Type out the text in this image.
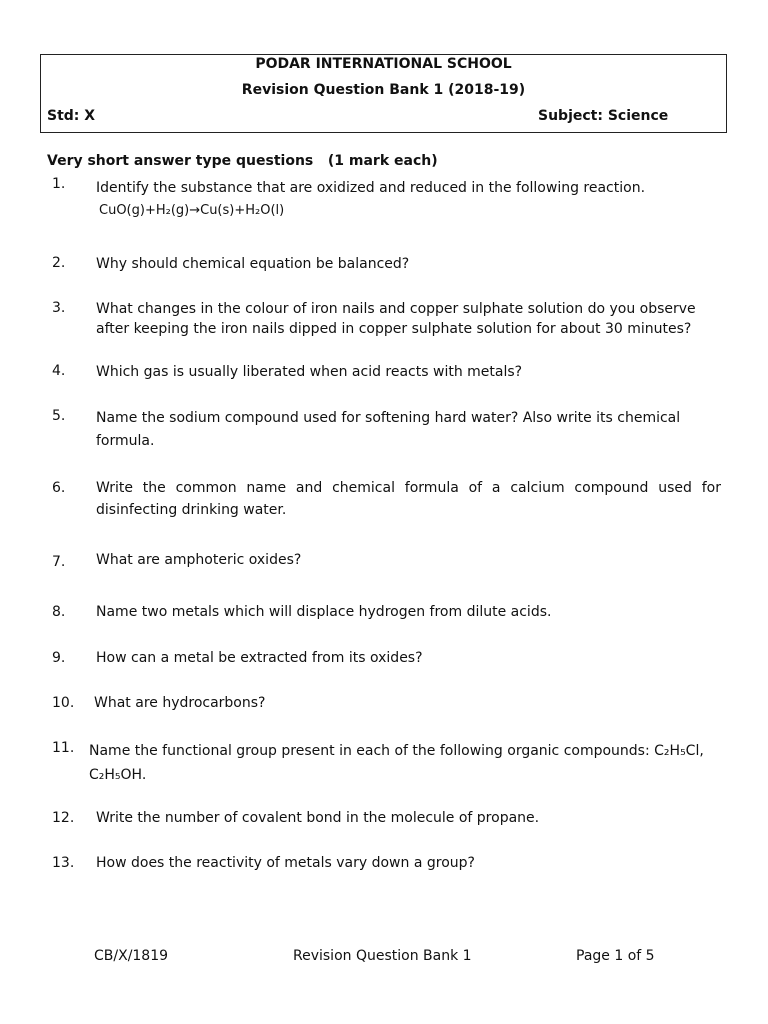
PODAR INTERNATIONAL SCHOOL
Revision Question Bank 1 (2018-19)
Std: X	Subject: Science
Very short answer type questions   (1 mark each)
1. Identify the substance that are oxidized and reduced in the following reaction.
CuO(g)+H₂(g)→Cu(s)+H₂O(l)
2. Why should chemical equation be balanced?
3. What changes in the colour of iron nails and copper sulphate solution do you observe after keeping the iron nails dipped in copper sulphate solution for about 30 minutes?
4. Which gas is usually liberated when acid reacts with metals?
5. Name the sodium compound used for softening hard water? Also write its chemical formula.
6. Write the common name and chemical formula of a calcium compound used for disinfecting drinking water.
7. What are amphoteric oxides?
8. Name two metals which will displace hydrogen from dilute acids.
9. How can a metal be extracted from its oxides?
10. What are hydrocarbons?
11. Name the functional group present in each of the following organic compounds: C₂H₅Cl, C₂H₅OH.
12. Write the number of covalent bond in the molecule of propane.
13. How does the reactivity of metals vary down a group?
CB/X/1819	Revision Question Bank 1	Page 1 of 5
